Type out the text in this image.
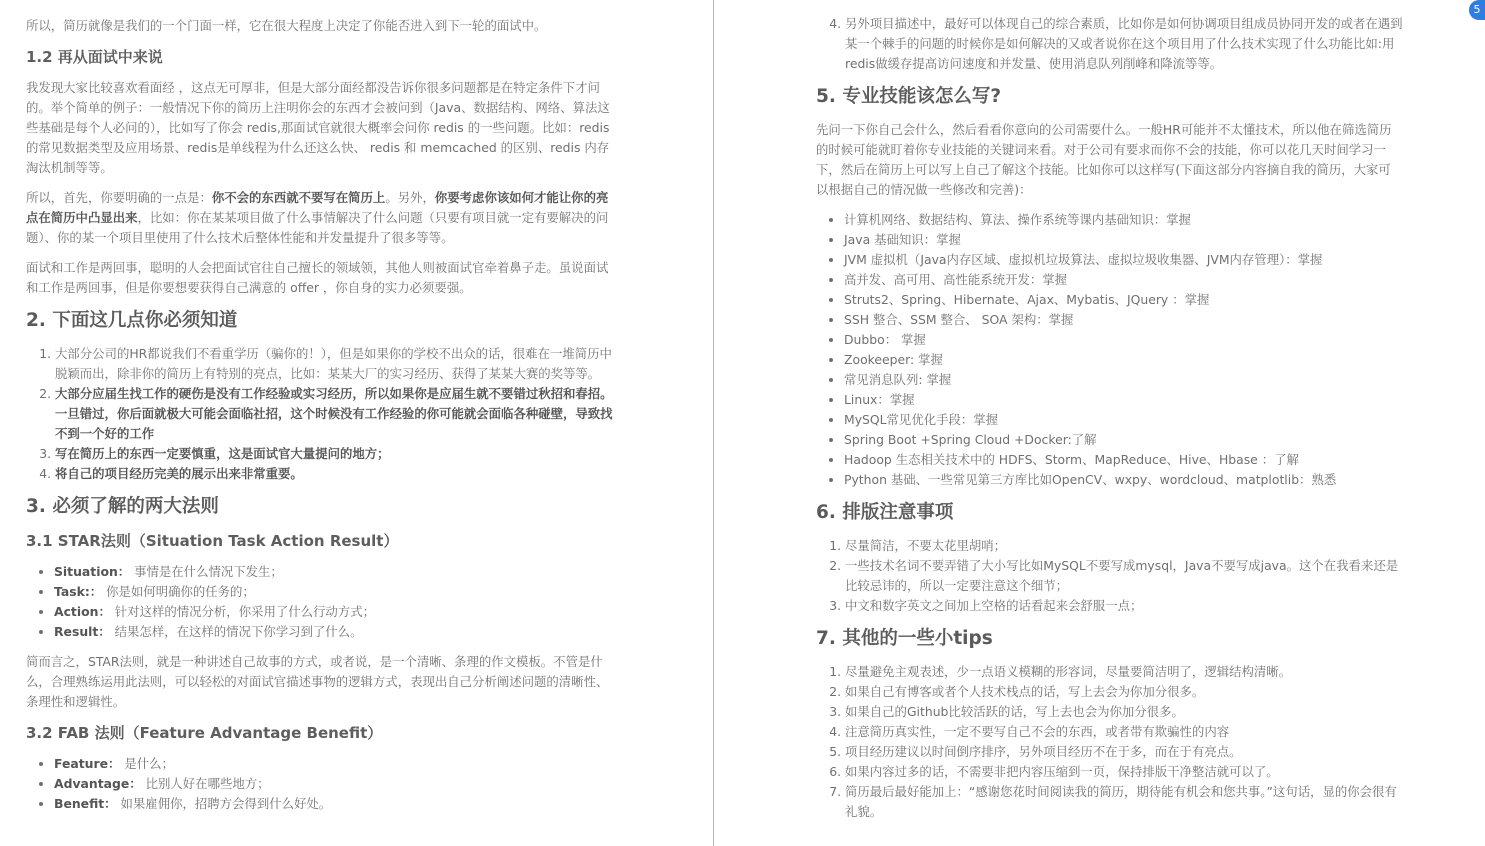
所以，简历就像是我们的一个门面一样，它在很大程度上决定了你能否进入到下一轮的面试中。

1.2 再从面试中来说

我发现大家比较喜欢看面经 ，这点无可厚非，但是大部分面经都没告诉你很多问题都是在特定条件下才问的。举个简单的例子：一般情况下你的简历上注明你会的东西才会被问到（Java、数据结构、网络、算法这些基础是每个人必问的），比如写了你会 redis,那面试官就很大概率会问你 redis 的一些问题。比如：redis的常见数据类型及应用场景、redis是单线程为什么还这么快、 redis 和 memcached 的区别、redis 内存淘汰机制等等。

所以，首先，你要明确的一点是：你不会的东西就不要写在简历上。另外，你要考虑你该如何才能让你的亮点在简历中凸显出来，比如：你在某某项目做了什么事情解决了什么问题（只要有项目就一定有要解决的问题）、你的某一个项目里使用了什么技术后整体性能和并发量提升了很多等等。

面试和工作是两回事，聪明的人会把面试官往自己擅长的领域领，其他人则被面试官牵着鼻子走。虽说面试和工作是两回事，但是你要想要获得自己满意的 offer ，你自身的实力必须要强。

2. 下面这几点你必须知道
1. 大部分公司的HR都说我们不看重学历（骗你的！），但是如果你的学校不出众的话，很难在一堆简历中脱颖而出，除非你的简历上有特别的亮点，比如：某某大厂的实习经历、获得了某某大赛的奖等等。
2. 大部分应届生找工作的硬伤是没有工作经验或实习经历，所以如果你是应届生就不要错过秋招和春招。一旦错过，你后面就极大可能会面临社招，这个时候没有工作经验的你可能就会面临各种碰壁，导致找不到一个好的工作
3. 写在简历上的东西一定要慎重，这是面试官大量提问的地方；
4. 将自己的项目经历完美的展示出来非常重要。
3. 必须了解的两大法则
3.1 STAR法则（Situation Task Action Result）
• Situation： 事情是在什么情况下发生；
• Task:： 你是如何明确你的任务的；
• Action： 针对这样的情况分析，你采用了什么行动方式；
• Result： 结果怎样，在这样的情况下你学习到了什么。

简而言之，STAR法则，就是一种讲述自己故事的方式，或者说，是一个清晰、条理的作文模板。不管是什么，合理熟练运用此法则，可以轻松的对面试官描述事物的逻辑方式，表现出自己分析阐述问题的清晰性、条理性和逻辑性。

3.2 FAB 法则（Feature Advantage Benefit）
• Feature： 是什么；
• Advantage： 比别人好在哪些地方；
• Benefit： 如果雇佣你，招聘方会得到什么好处。
4. 另外项目描述中，最好可以体现自己的综合素质，比如你是如何协调项目组成员协同开发的或者在遇到某一个棘手的问题的时候你是如何解决的又或者说你在这个项目用了什么技术实现了什么功能比如:用redis做缓存提高访问速度和并发量、使用消息队列削峰和降流等等。
5. 专业技能该怎么写?

先问一下你自己会什么，然后看看你意向的公司需要什么。一般HR可能并不太懂技术，所以他在筛选简历的时候可能就盯着你专业技能的关键词来看。对于公司有要求而你不会的技能，你可以花几天时间学习一下，然后在简历上可以写上自己了解这个技能。比如你可以这样写(下面这部分内容摘自我的简历，大家可以根据自己的情况做一些修改和完善)：

• 计算机网络、数据结构、算法、操作系统等课内基础知识：掌握
• Java 基础知识：掌握
• JVM 虚拟机（Java内存区域、虚拟机垃圾算法、虚拟垃圾收集器、JVM内存管理）：掌握
• 高并发、高可用、高性能系统开发：掌握
• Struts2、Spring、Hibernate、Ajax、Mybatis、JQuery ：掌握
• SSH 整合、SSM 整合、 SOA 架构：掌握
• Dubbo： 掌握
• Zookeeper: 掌握
• 常见消息队列: 掌握
• Linux：掌握
• MySQL常见优化手段：掌握
• Spring Boot +Spring Cloud +Docker:了解
• Hadoop 生态相关技术中的 HDFS、Storm、MapReduce、Hive、Hbase ：了解
• Python 基础、一些常见第三方库比如OpenCV、wxpy、wordcloud、matplotlib：熟悉
6. 排版注意事项
1. 尽量简洁，不要太花里胡哨；
2. 一些技术名词不要弄错了大小写比如MySQL不要写成mysql，Java不要写成java。这个在我看来还是比较忌讳的，所以一定要注意这个细节；
3. 中文和数字英文之间加上空格的话看起来会舒服一点；
7. 其他的一些小tips
1. 尽量避免主观表述，少一点语义模糊的形容词，尽量要简洁明了，逻辑结构清晰。
2. 如果自己有博客或者个人技术栈点的话，写上去会为你加分很多。
3. 如果自己的Github比较活跃的话，写上去也会为你加分很多。
4. 注意简历真实性，一定不要写自己不会的东西，或者带有欺骗性的内容
5. 项目经历建议以时间倒序排序，另外项目经历不在于多，而在于有亮点。
6. 如果内容过多的话，不需要非把内容压缩到一页，保持排版干净整洁就可以了。
7. 简历最后最好能加上：“感谢您花时间阅读我的简历，期待能有机会和您共事。”这句话，显的你会很有礼貌。
5
